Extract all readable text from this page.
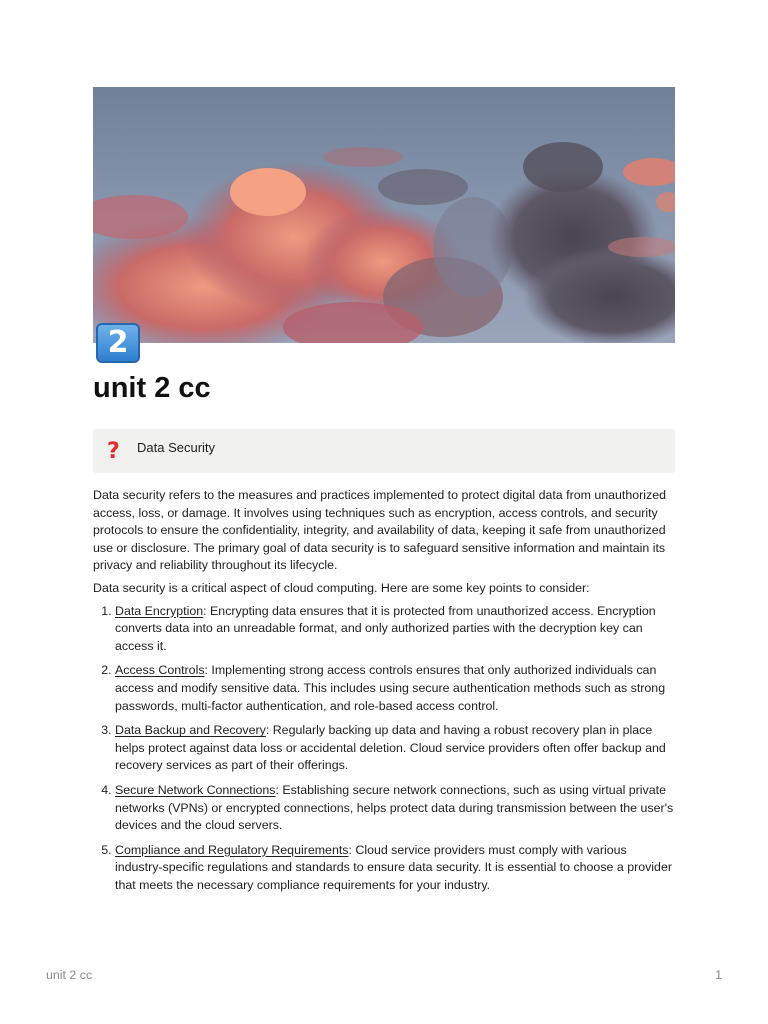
2
unit 2 cc
? Data Security

Data security refers to the measures and practices implemented to protect digital data from unauthorized access, loss, or damage. It involves using techniques such as encryption, access controls, and security protocols to ensure the confidentiality, integrity, and availability of data, keeping it safe from unauthorized use or disclosure. The primary goal of data security is to safeguard sensitive information and maintain its privacy and reliability throughout its lifecycle.

Data security is a critical aspect of cloud computing. Here are some key points to consider:

1. Data Encryption: Encrypting data ensures that it is protected from unauthorized access. Encryption converts data into an unreadable format, and only authorized parties with the decryption key can access it.
2. Access Controls: Implementing strong access controls ensures that only authorized individuals can access and modify sensitive data. This includes using secure authentication methods such as strong passwords, multi-factor authentication, and role-based access control.
3. Data Backup and Recovery: Regularly backing up data and having a robust recovery plan in place helps protect against data loss or accidental deletion. Cloud service providers often offer backup and recovery services as part of their offerings.
4. Secure Network Connections: Establishing secure network connections, such as using virtual private networks (VPNs) or encrypted connections, helps protect data during transmission between the user's devices and the cloud servers.
5. Compliance and Regulatory Requirements: Cloud service providers must comply with various industry-specific regulations and standards to ensure data security. It is essential to choose a provider that meets the necessary compliance requirements for your industry.
unit 2 cc	1
